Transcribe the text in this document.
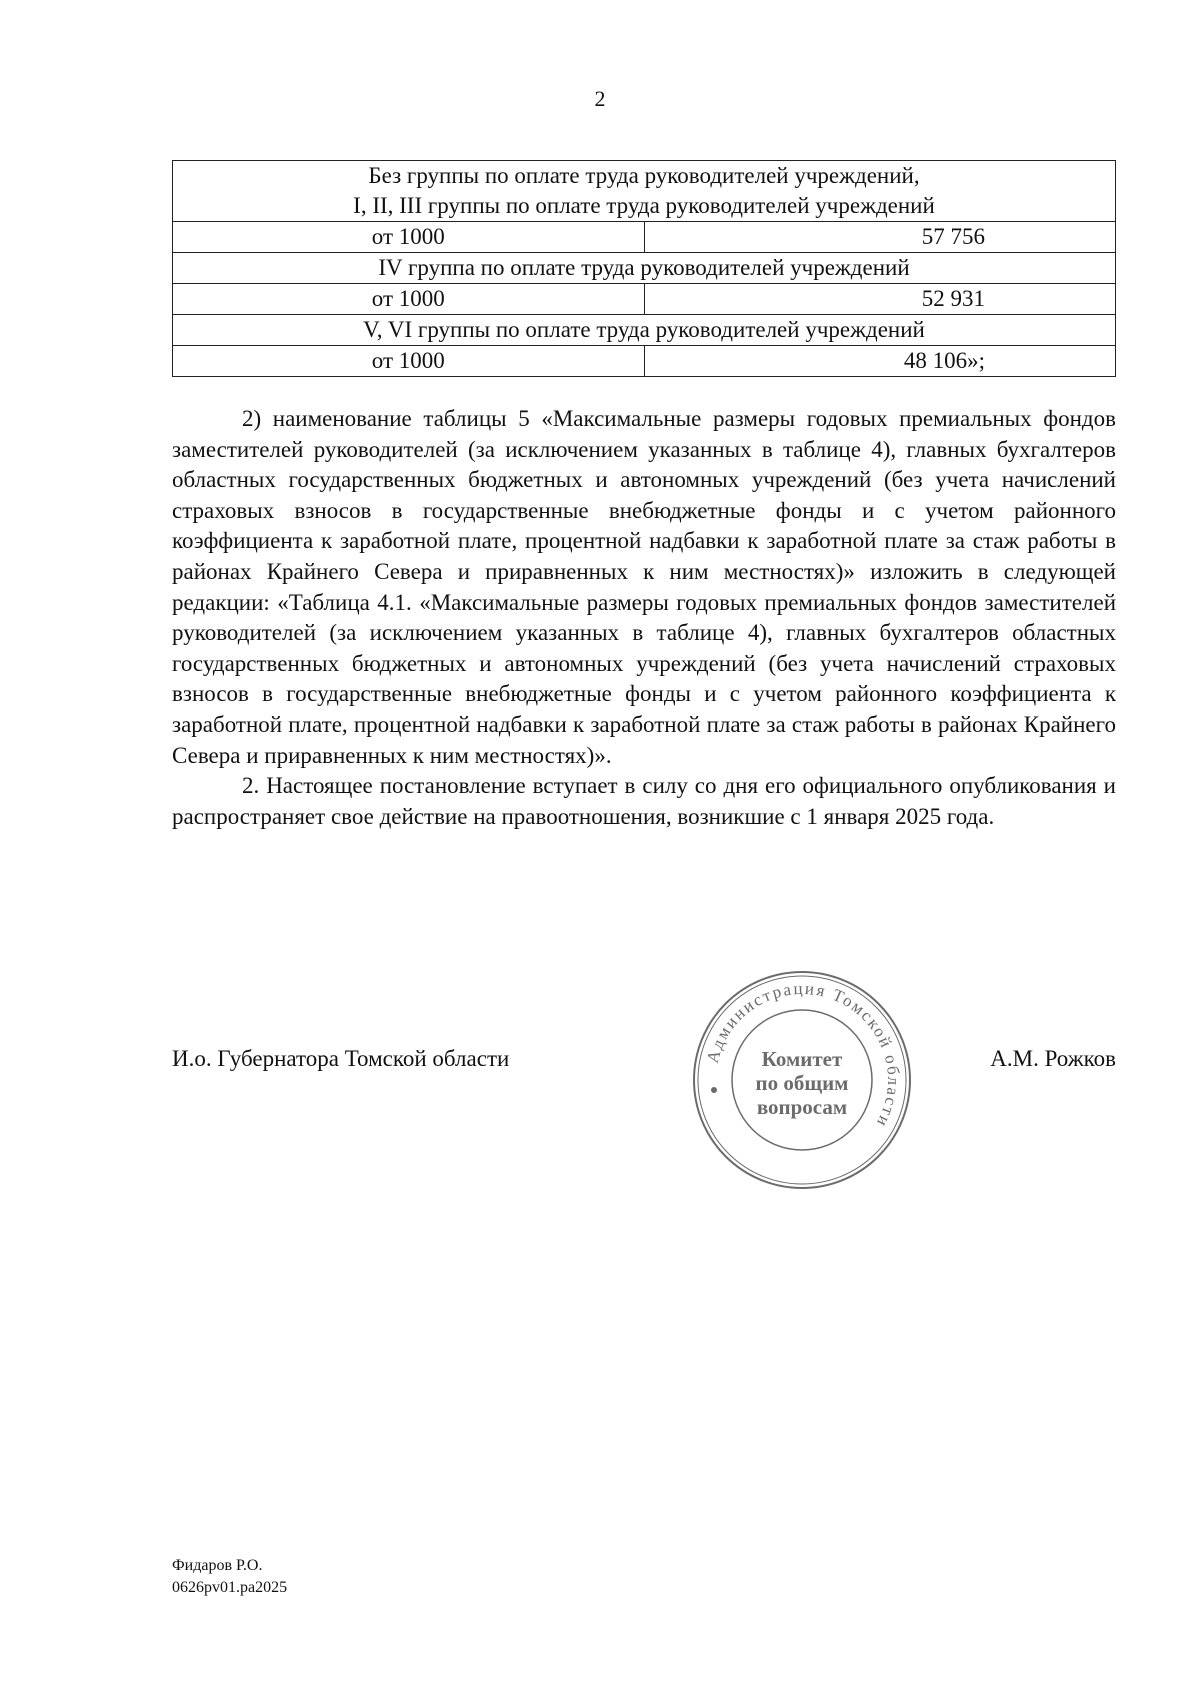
2
Без группы по оплате труда руководителей учреждений,
I, II, III группы по оплате труда руководителей учреждений	

от 1000	57 756

IV группа по оплате труда руководителей учреждений	

от 1000	52 931

V, VI группы по оплате труда руководителей учреждений	

от 1000	48 106»;

2) наименование таблицы 5 «Максимальные размеры годовых премиальных фондов заместителей руководителей (за исключением указанных в таблице 4), главных бухгалтеров областных государственных бюджетных и автономных учреждений (без учета начислений страховых взносов в государственные внебюджетные фонды и с учетом районного коэффициента к заработной плате, процентной надбавки к заработной плате за стаж работы в районах Крайнего Севера и приравненных к ним местностях)» изложить в следующей редакции: «Таблица 4.1. «Максимальные размеры годовых премиальных фондов заместителей руководителей (за исключением указанных в таблице 4), главных бухгалтеров областных государственных бюджетных и автономных учреждений (без учета начислений страховых взносов в государственные внебюджетные фонды и с учетом районного коэффициента к заработной плате, процентной надбавки к заработной плате за стаж работы в районах Крайнего Севера и приравненных к ним местностях)».

2. Настоящее постановление вступает в силу со дня его официального опубликования и распространяет свое действие на правоотношения, возникшие с 1 января 2025 года.

И.о. Губернатора Томской области	А.М. Рожков
Администрация Томской области
Комитет
по общим
вопросам
Фидаров Р.О.
0626pv01.pa2025
